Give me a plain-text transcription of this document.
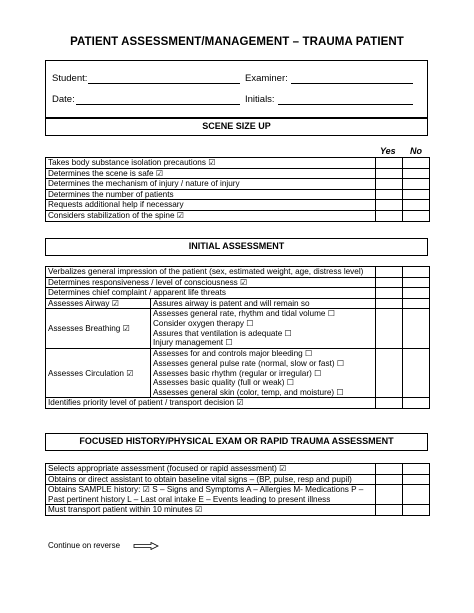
PATIENT ASSESSMENT/MANAGEMENT – TRAUMA PATIENT
Student:	Examiner:
Date:	Initials:
SCENE SIZE UP
Yes No
Takes body substance isolation precautions ☑		
Determines the scene is safe ☑		
Determines the mechanism of injury / nature of injury		
Determines the number of patients		
Requests additional help if necessary		
Considers stabilization of the spine ☑		
INITIAL ASSESSMENT
Verbalizes general impression of the patient (sex, estimated weight, age, distress level)			
Determines responsiveness / level of consciousness ☑			
Determines chief complaint / apparent life threats			
Assesses Airway ☑	Assures airway is patent and will remain so		
Assesses Breathing ☑	Assesses general rate, rhythm and tidal volume ☐
Consider oxygen therapy ☐
Assures that ventilation is adequate ☐
Injury management ☐		

Assesses Circulation ☑	Assesses for and controls major bleeding ☐
Assesses general pulse rate (normal, slow or fast) ☐
Assesses basic rhythm (regular or irregular) ☐
Assesses basic quality (full or weak) ☐
Assesses general skin (color, temp, and moisture) ☐		

Identifies priority level of patient / transport decision ☑			
FOCUSED HISTORY/PHYSICAL EXAM OR RAPID TRAUMA ASSESSMENT
Selects appropriate assessment (focused or rapid assessment) ☑		
Obtains or direct assistant to obtain baseline vital signs – (BP, pulse, resp and pupil)		
Obtains SAMPLE history: ☑ S – Signs and Symptoms A – Allergies M- Medications P – Past pertinent history L – Last oral intake E – Events leading to present illness		
Must transport patient within 10 minutes ☑		
Continue on reverse
